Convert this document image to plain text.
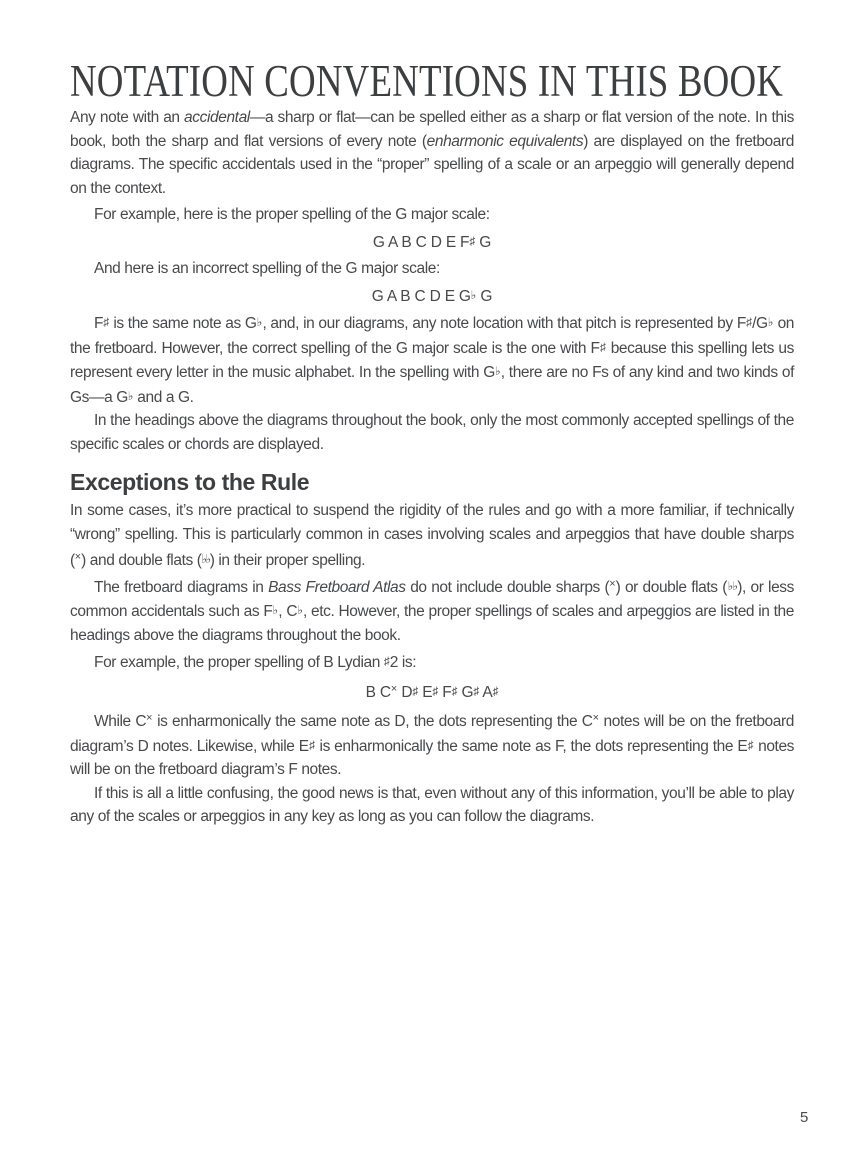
NOTATION CONVENTIONS IN THIS BOOK

Any note with an accidental—a sharp or flat—can be spelled either as a sharp or flat version of the note. In this book, both the sharp and flat versions of every note (enharmonic equivalents) are displayed on the fretboard diagrams. The specific accidentals used in the “proper” spelling of a scale or an arpeggio will generally depend on the context.

For example, here is the proper spelling of the G major scale:

G A B C D E F♯ G

And here is an incorrect spelling of the G major scale:

G A B C D E G♭ G

F♯ is the same note as G♭, and, in our diagrams, any note location with that pitch is represented by F♯/G♭ on the fretboard. However, the correct spelling of the G major scale is the one with F♯ because this spelling lets us represent every letter in the music alphabet. In the spelling with G♭, there are no Fs of any kind and two kinds of Gs—a G♭ and a G.

In the headings above the diagrams throughout the book, only the most commonly accepted spellings of the specific scales or chords are displayed.

Exceptions to the Rule

In some cases, it’s more practical to suspend the rigidity of the rules and go with a more familiar, if technically “wrong” spelling. This is particularly common in cases involving scales and arpeggios that have double sharps (×) and double flats (♭♭) in their proper spelling.

The fretboard diagrams in Bass Fretboard Atlas do not include double sharps (×) or double flats (♭♭), or less common accidentals such as F♭, C♭, etc. However, the proper spellings of scales and arpeggios are listed in the headings above the diagrams throughout the book.

For example, the proper spelling of B Lydian ♯2 is:

B C× D♯ E♯ F♯ G♯ A♯

While C× is enharmonically the same note as D, the dots representing the C× notes will be on the fretboard diagram’s D notes. Likewise, while E♯ is enharmonically the same note as F, the dots representing the E♯ notes will be on the fretboard diagram’s F notes.

If this is all a little confusing, the good news is that, even without any of this information, you’ll be able to play any of the scales or arpeggios in any key as long as you can follow the diagrams.

5
